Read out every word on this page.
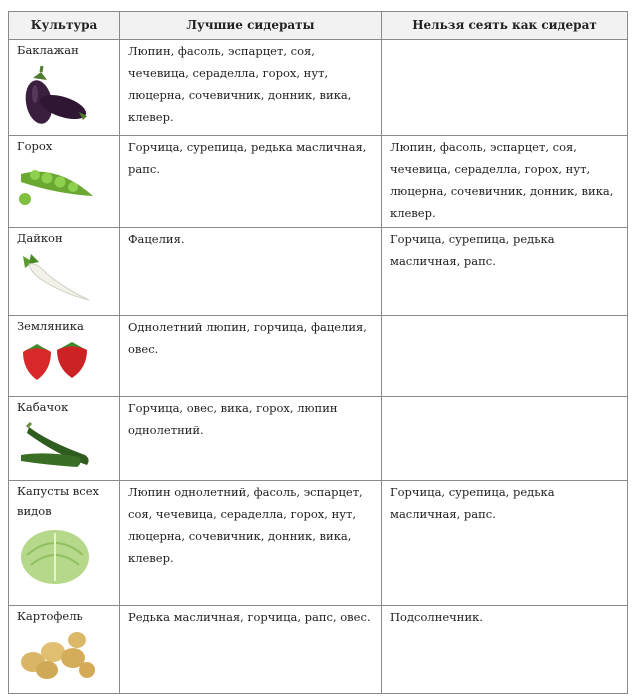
Культура	Лучшие сидераты	Нельзя сеять как сидерат

Баклажан	Люпин, фасоль, эспарцет, соя, чечевица, сераделла, горох, нут, люцерна, сочевичник, донник, вика, клевер.	

Горох	Горчица, сурепица, редька масличная, рапс.	Люпин, фасоль, эспарцет, соя, чечевица, сераделла, горох, нут, люцерна, сочевичник, донник, вика, клевер.

Дайкон	Фацелия.	Горчица, сурепица, редька масличная, рапс.

Земляника	Однолетний люпин, горчица, фацелия, овес.	

Кабачок	Горчица, овес, вика, горох, люпин однолетний.	

Капусты всех видов	Люпин однолетний, фасоль, эспарцет, соя, чечевица, сераделла, горох, нут, люцерна, сочевичник, донник, вика, клевер.	Горчица, сурепица, редька масличная, рапс.

Картофель	Редька масличная, горчица, рапс, овес.	Подсолнечник.
